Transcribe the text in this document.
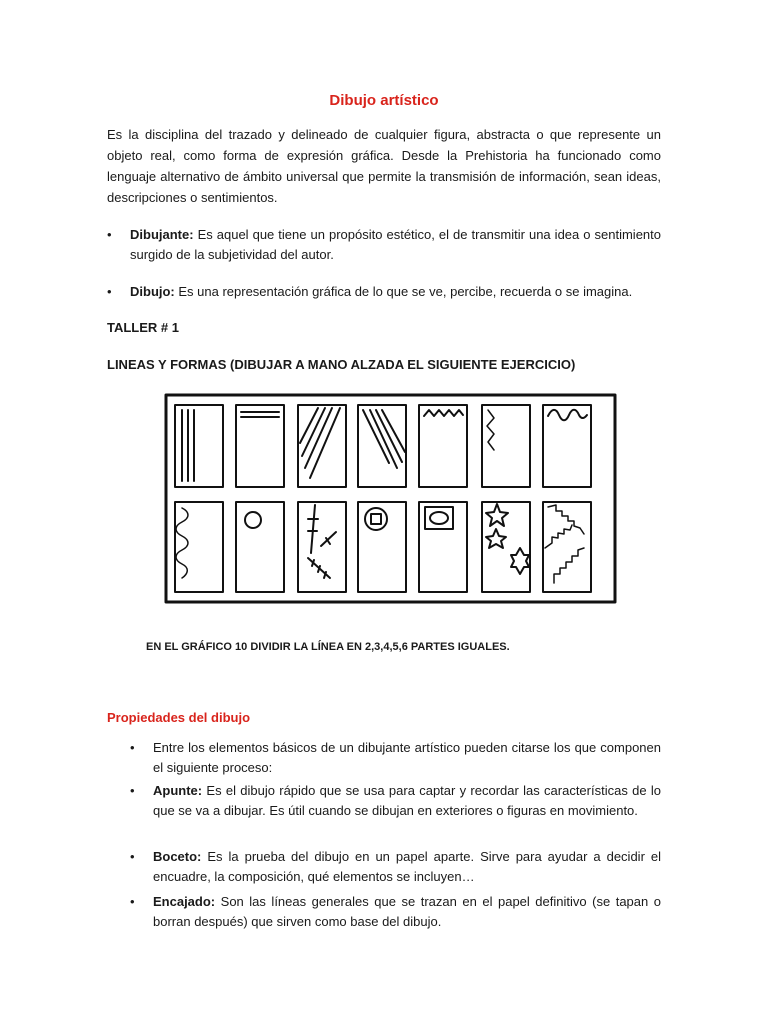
Dibujo artístico
Es la disciplina del trazado y delineado de cualquier figura, abstracta o que represente un objeto real, como forma de expresión gráfica. Desde la Prehistoria ha funcionado como lenguaje alternativo de ámbito universal que permite la transmisión de información, sean ideas, descripciones o sentimientos.
• Dibujante: Es aquel que tiene un propósito estético, el de transmitir una idea o sentimiento surgido de la subjetividad del autor.
• Dibujo: Es una representación gráfica de lo que se ve, percibe, recuerda o se imagina.
TALLER # 1
LINEAS Y FORMAS (DIBUJAR A MANO ALZADA EL SIGUIENTE EJERCICIO)
EN EL GRÁFICO 10 DIVIDIR LA LÍNEA EN 2,3,4,5,6 PARTES IGUALES.
Propiedades del dibujo
• Entre los elementos básicos de un dibujante artístico pueden citarse los que componen el siguiente proceso:
• Apunte: Es el dibujo rápido que se usa para captar y recordar las características de lo que se va a dibujar. Es útil cuando se dibujan en exteriores o figuras en movimiento.
• Boceto: Es la prueba del dibujo en un papel aparte. Sirve para ayudar a decidir el encuadre, la composición, qué elementos se incluyen…
• Encajado: Son las líneas generales que se trazan en el papel definitivo (se tapan o borran después) que sirven como base del dibujo.
